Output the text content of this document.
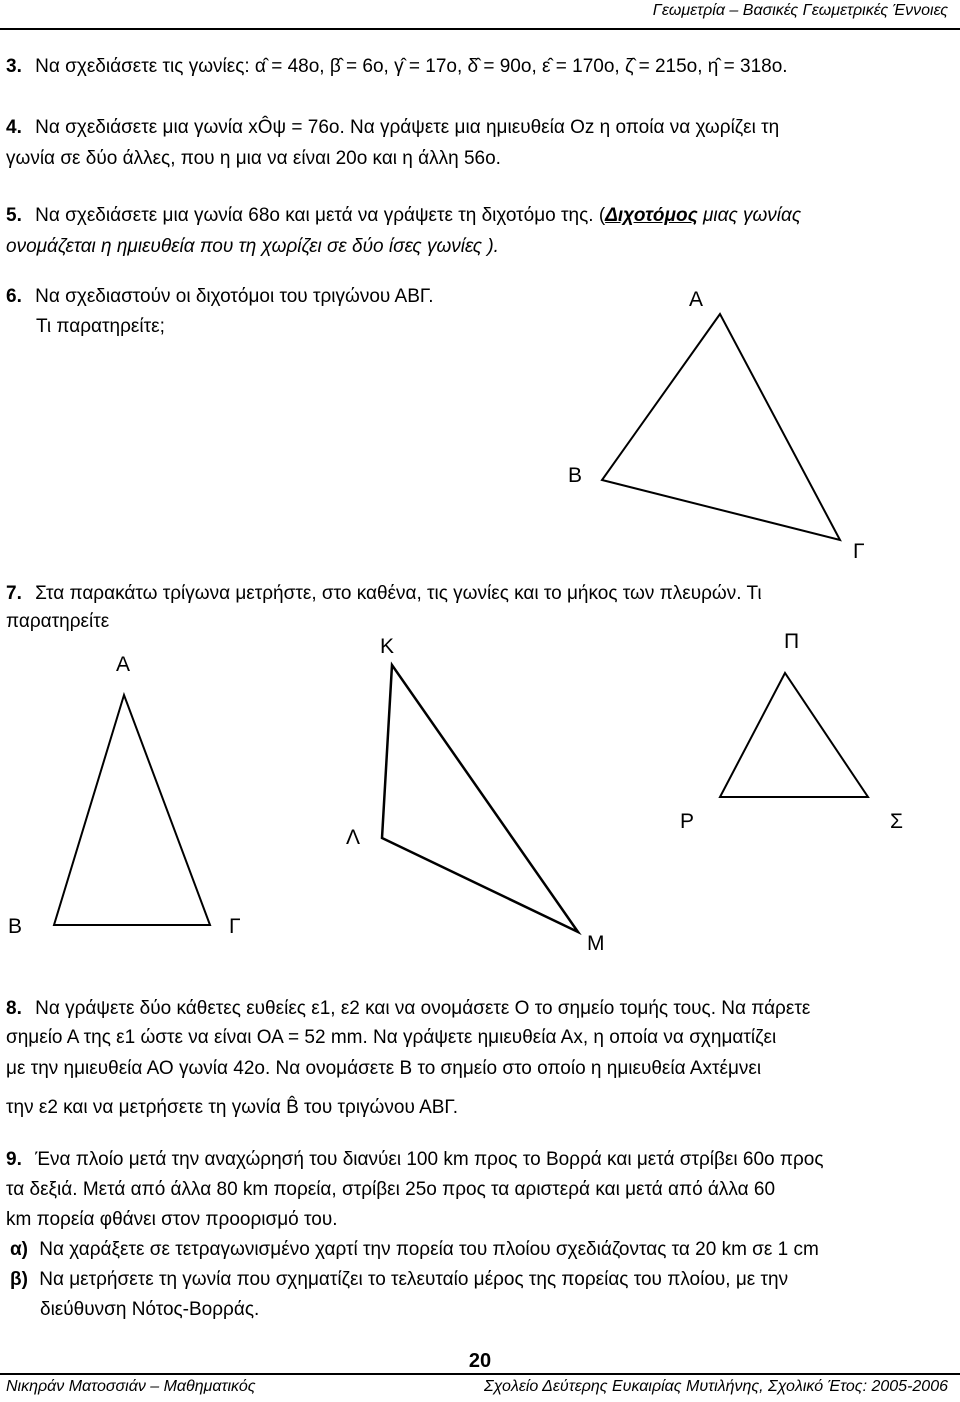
Γεωμετρία – Βασικές Γεωμετρικές Έννοιες
3. Να σχεδιάσετε τις γωνίες: α̂ = 48ο, β̂ = 6ο, γ̂ = 17ο, δ̂ = 90ο, ε̂ = 170ο, ζ̂ = 215ο, η̂ = 318ο.
4. Να σχεδιάσετε μια γωνία xÔψ = 76ο. Να γράψετε μια ημιευθεία Oz η οποία να χωρίζει τη
γωνία σε δύο άλλες, που η μια να είναι 20ο και η άλλη 56ο.
5. Να σχεδιάσετε μια γωνία 68ο και μετά να γράψετε τη διχοτόμο της. (Διχοτόμος μιας γωνίας
ονομάζεται η ημιευθεία που τη χωρίζει σε δύο ίσες γωνίες ).
6. Να σχεδιαστούν οι διχοτόμοι του τριγώνου ΑΒΓ.
Τι παρατηρείτε;
Α
Β
Γ
7. Στα παρακάτω τρίγωνα μετρήστε, στο καθένα, τις γωνίες και το μήκος των πλευρών. Τι
παρατηρείτε
Α
Β	Γ
Κ
Λ
Μ
Π
Ρ	Σ
8. Να γράψετε δύο κάθετες ευθείες ε1, ε2 και να ονομάσετε Ο το σημείο τομής τους. Να πάρετε
σημείο Α της ε1 ώστε να είναι ΟΑ = 52 mm. Να γράψετε ημιευθεία Αx, η οποία να σχηματίζει
με την ημιευθεία ΑΟ γωνία 42ο. Να ονομάσετε Β το σημείο στο οποίο η ημιευθεία Αxτέμνει
την ε2 και να μετρήσετε τη γωνία B̂ του τριγώνου ΑΒΓ.
9. Ένα πλοίο μετά την αναχώρησή του διανύει 100 km προς το Βορρά και μετά στρίβει 60ο προς
τα δεξιά. Μετά από άλλα 80 km πορεία, στρίβει 25ο προς τα αριστερά και μετά από άλλα 60
km πορεία φθάνει στον προορισμό του.
α) Να χαράξετε σε τετραγωνισμένο χαρτί την πορεία του πλοίου σχεδιάζοντας τα 20 km σε 1 cm
β) Να μετρήσετε τη γωνία που σχηματίζει το τελευταίο μέρος της πορείας του πλοίου, με την
διεύθυνση Νότος-Βορράς.
20
Νικηράν Ματοσσιάν – Μαθηματικός	Σχολείο Δεύτερης Ευκαιρίας Μυτιλήνης, Σχολικό Έτος: 2005-2006
